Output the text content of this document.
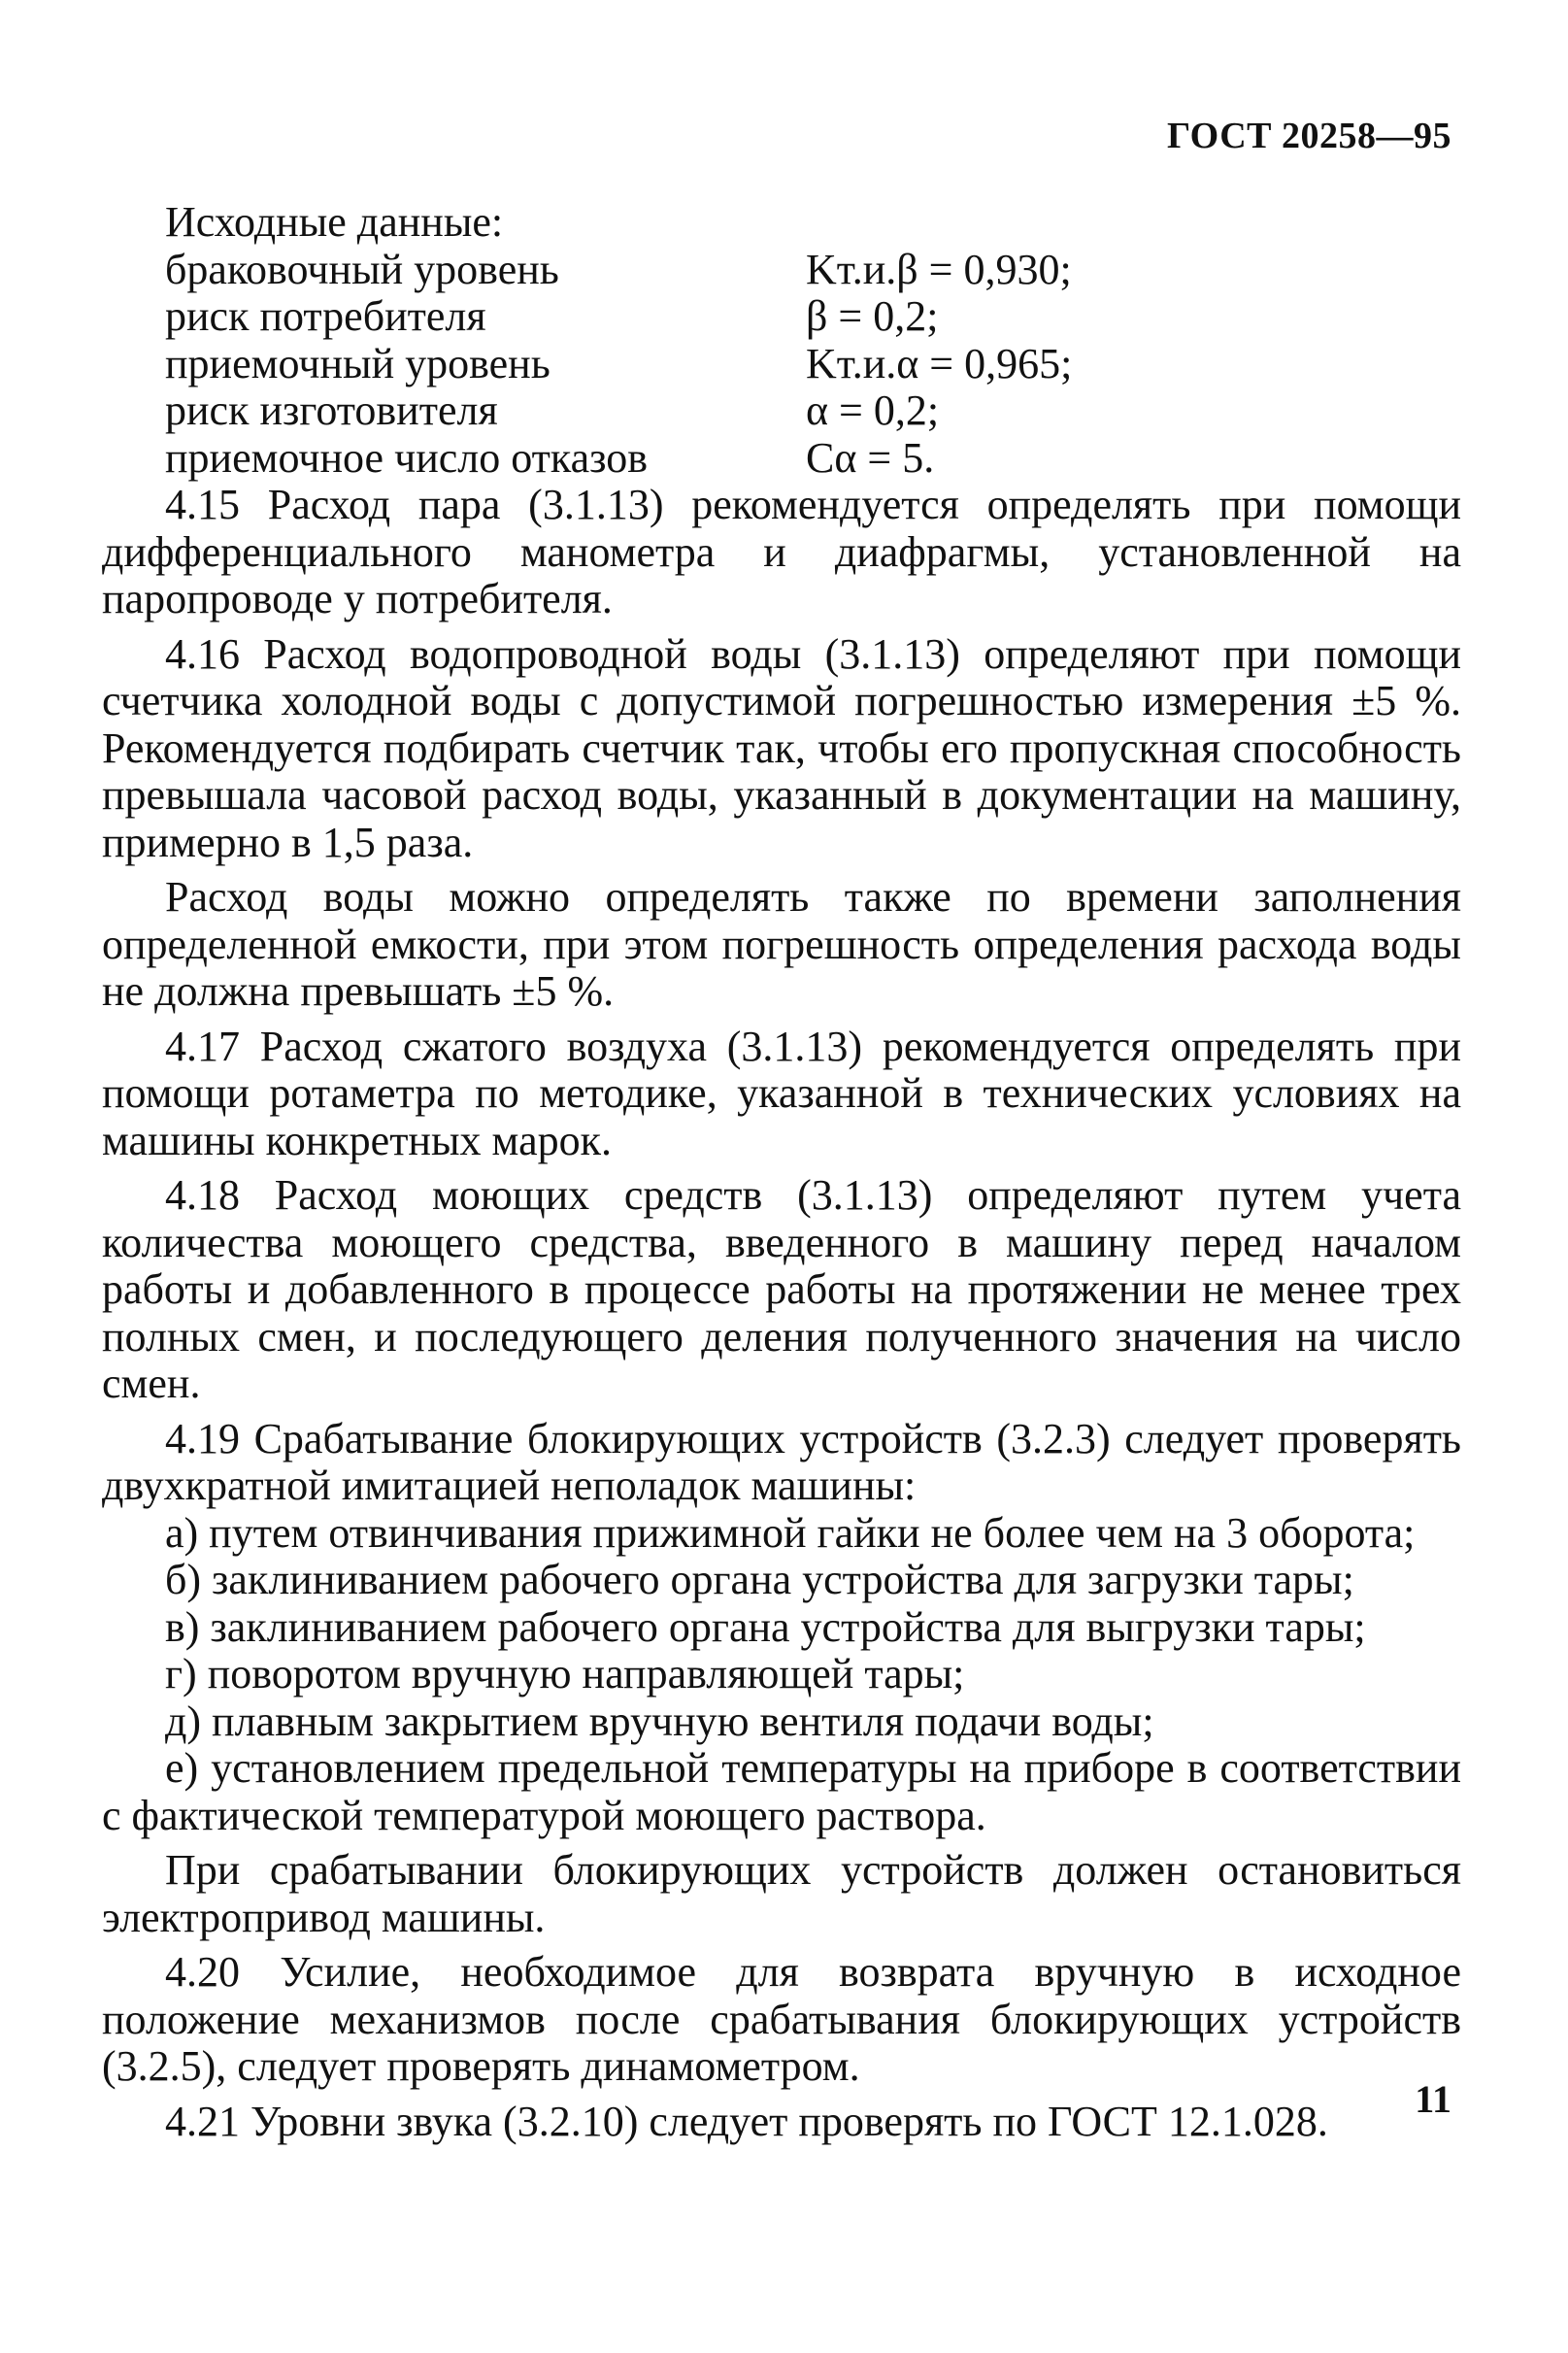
ГОСТ 20258—95

Исходные данные:

браковочный уровень	Kт.и.β = 0,930;
риск потребителя	β = 0,2;
приемочный уровень	Kт.и.α = 0,965;
риск изготовителя	α = 0,2;
приемочное число отказов	Cα = 5.

4.15 Расход пара (3.1.13) рекомендуется определять при помощи дифференциального манометра и диафрагмы, установленной на паропроводе у потребителя.

4.16 Расход водопроводной воды (3.1.13) определяют при помощи счетчика холодной воды с допустимой погрешностью измерения ±5 %. Рекомендуется подбирать счетчик так, чтобы его пропускная способность превышала часовой расход воды, указанный в документации на машину, примерно в 1,5 раза.

Расход воды можно определять также по времени заполнения определенной емкости, при этом погрешность определения расхода воды не должна превышать ±5 %.

4.17 Расход сжатого воздуха (3.1.13) рекомендуется определять при помощи ротаметра по методике, указанной в технических условиях на машины конкретных марок.

4.18 Расход моющих средств (3.1.13) определяют путем учета количества моющего средства, введенного в машину перед началом работы и добавленного в процессе работы на протяжении не менее трех полных смен, и последующего деления полученного значения на число смен.

4.19 Срабатывание блокирующих устройств (3.2.3) следует проверять двухкратной имитацией неполадок машины:

а) путем отвинчивания прижимной гайки не более чем на 3 оборота;

б) заклиниванием рабочего органа устройства для загрузки тары;

в) заклиниванием рабочего органа устройства для выгрузки тары;

г) поворотом вручную направляющей тары;

д) плавным закрытием вручную вентиля подачи воды;

е) установлением предельной температуры на приборе в соответствии с фактической температурой моющего раствора.

При срабатывании блокирующих устройств должен остановиться электропривод машины.

4.20 Усилие, необходимое для возврата вручную в исходное положение механизмов после срабатывания блокирующих устройств (3.2.5), следует проверять динамометром.

4.21 Уровни звука (3.2.10) следует проверять по ГОСТ 12.1.028.	11
